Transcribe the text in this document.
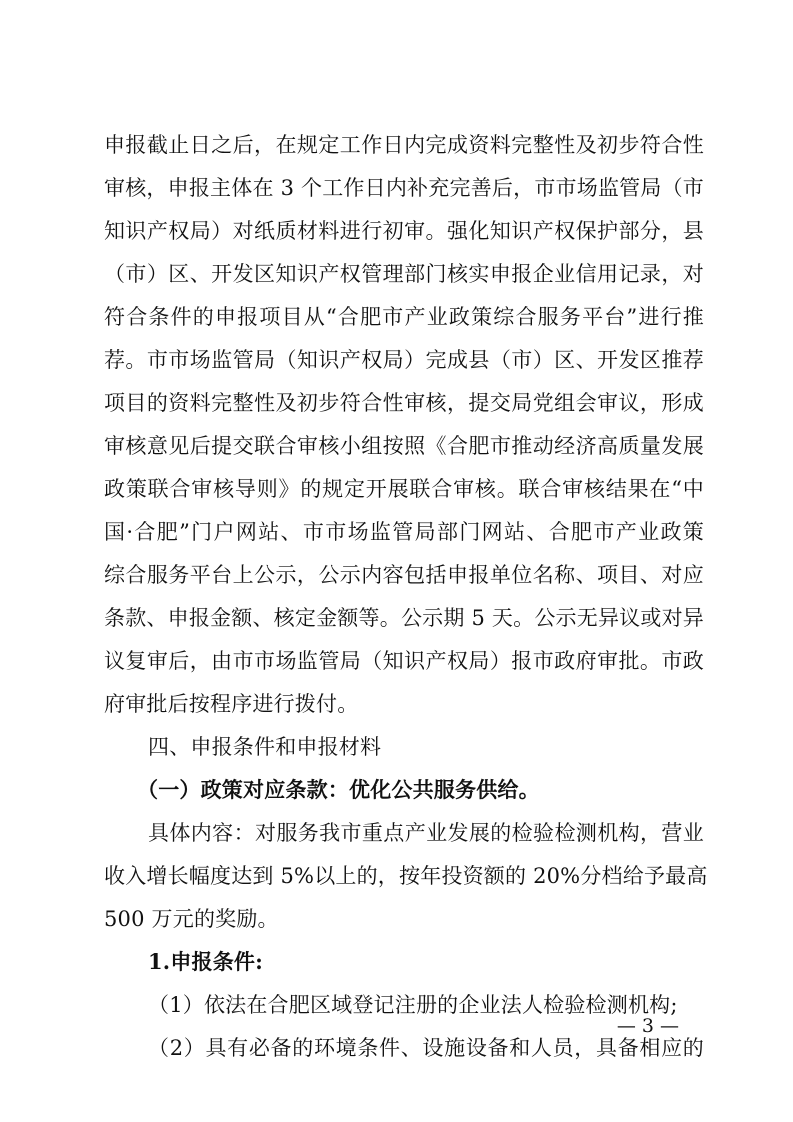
申报截止日之后，在规定工作日内完成资料完整性及初步符合性
审核，申报主体在 3 个工作日内补充完善后，市市场监管局（市
知识产权局）对纸质材料进行初审。强化知识产权保护部分，县
（市）区、开发区知识产权管理部门核实申报企业信用记录，对
符合条件的申报项目从“合肥市产业政策综合服务平台”进行推
荐。市市场监管局（知识产权局）完成县（市）区、开发区推荐
项目的资料完整性及初步符合性审核，提交局党组会审议，形成
审核意见后提交联合审核小组按照《合肥市推动经济高质量发展
政策联合审核导则》的规定开展联合审核。联合审核结果在“中
国·合肥”门户网站、市市场监管局部门网站、合肥市产业政策
综合服务平台上公示，公示内容包括申报单位名称、项目、对应
条款、申报金额、核定金额等。公示期 5 天。公示无异议或对异
议复审后，由市市场监管局（知识产权局）报市政府审批。市政
府审批后按程序进行拨付。
四、申报条件和申报材料
（一）政策对应条款：优化公共服务供给。
具体内容：对服务我市重点产业发展的检验检测机构，营业
收入增长幅度达到 5%以上的，按年投资额的 20%分档给予最高
500 万元的奖励。
1.申报条件:
（1）依法在合肥区域登记注册的企业法人检验检测机构;
（2）具有必备的环境条件、设施设备和人员，具备相应的
— 3 —
